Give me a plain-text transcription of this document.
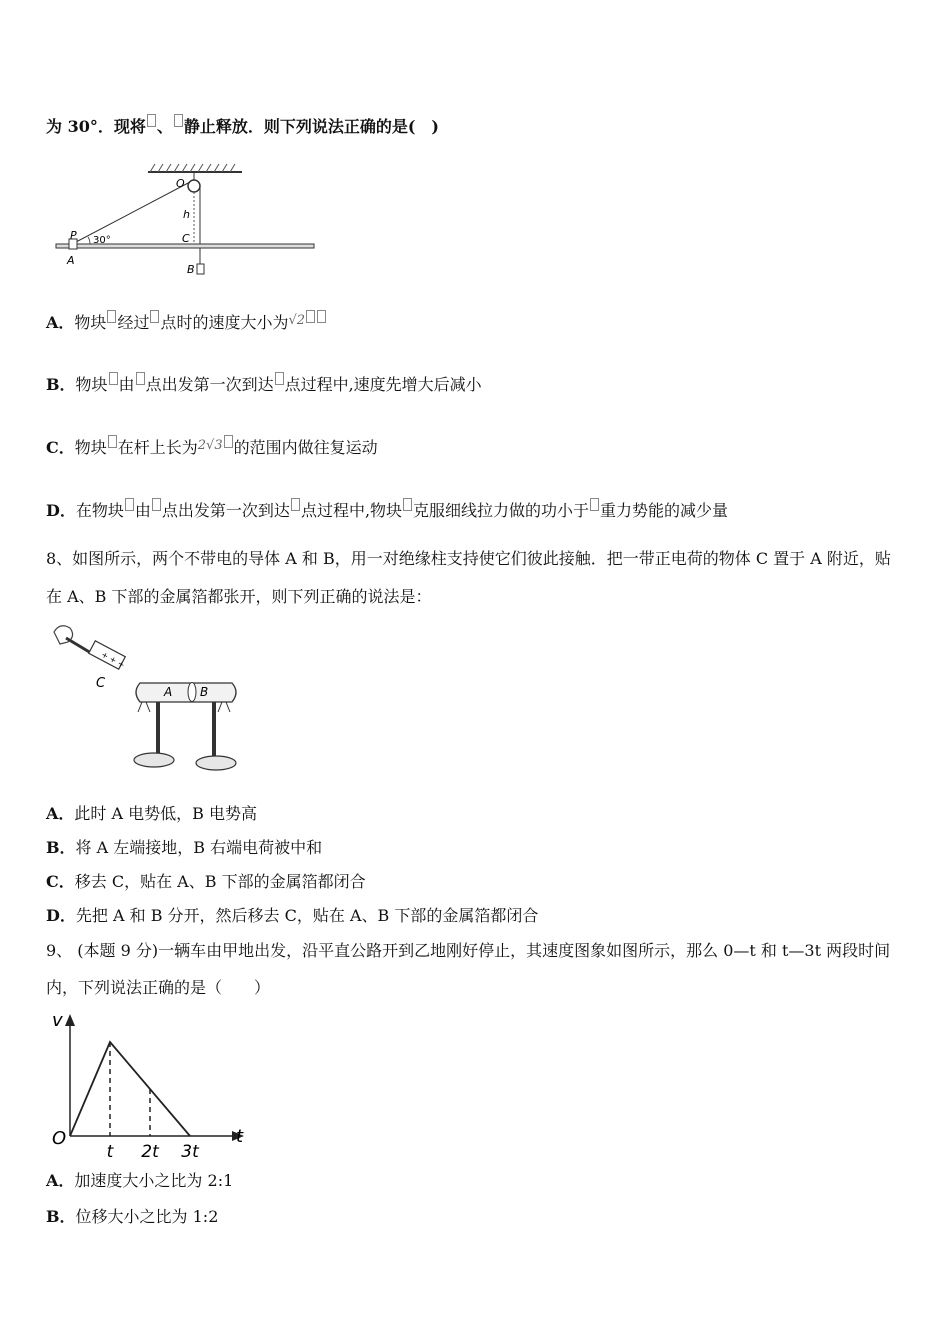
为 30°．现将 、 静止释放．则下列说法正确的是(　)
O
h
P 30°	C
A
B
A．物块 经过 点时的速度大小为$^{√2}$
B．物块 由 点出发第一次到达 点过程中,速度先增大后减小
C．物块 在杆上长为$^{2√3}$ 的范围内做往复运动
D．在物块 由 点出发第一次到达 点过程中,物块 克服细线拉力做的功小于 重力势能的减少量
8、如图所示，两个不带电的导体 A 和 B，用一对绝缘柱支持使它们彼此接触．把一带正电荷的物体 C 置于 A 附近，贴
在 A、B 下部的金属箔都张开，则下列正确的说法是：
+ + +
C
A B
A．此时 A 电势低，B 电势高
B．将 A 左端接地，B 右端电荷被中和
C．移去 C，贴在 A、B 下部的金属箔都闭合
D．先把 A 和 B 分开，然后移去 C，贴在 A、B 下部的金属箔都闭合
9、 (本题 9 分)一辆车由甲地出发，沿平直公路开到乙地刚好停止，其速度图象如图所示，那么 0—t 和 t—3t 两段时间
内，下列说法正确的是（　　）
v
t
O
t 2t 3t
A．加速度大小之比为 2:1
B．位移大小之比为 1:2
